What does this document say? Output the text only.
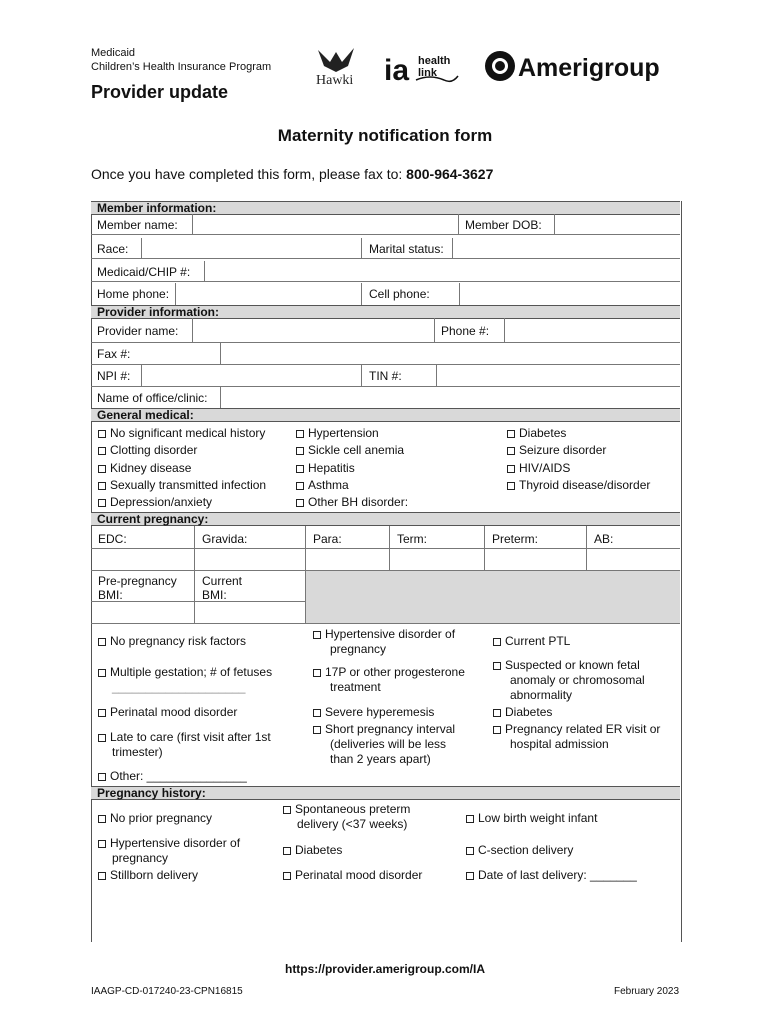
Medicaid
Children’s Health Insurance Program
Hawki ia health
link	Amerigroup
Provider update
Maternity notification form
Once you have completed this form, please fax to: 800-964-3627
Member information:
Member name:	Member DOB:
Race:	Marital status:
Medicaid/CHIP #:
Home phone:	Cell phone:
Provider information:
Provider name:	Phone #:
Fax #:
NPI #:	TIN #:
Name of office/clinic:
General medical:
No significant medical history
Clotting disorder
Kidney disease
Sexually transmitted infection
Depression/anxiety
Hypertension
Sickle cell anemia
Hepatitis
Asthma
Other BH disorder:
Diabetes
Seizure disorder
HIV/AIDS
Thyroid disease/disorder
Current pregnancy:
EDC:	Gravida:	Para:	Term:	Preterm:	AB:
Pre-pregnancy
BMI:
Current
BMI:
No pregnancy risk factors
Multiple gestation; # of fetuses
____________________
Perinatal mood disorder
Late to care (first visit after 1st
trimester)
Other: _______________
Hypertensive disorder of
pregnancy
17P or other progesterone
treatment
Severe hyperemesis
Short pregnancy interval
(deliveries will be less
than 2 years apart)
Current PTL
Suspected or known fetal
anomaly or chromosomal
abnormality
Diabetes
Pregnancy related ER visit or
hospital admission
Pregnancy history:
No prior pregnancy
Hypertensive disorder of
pregnancy
Stillborn delivery
Spontaneous preterm
delivery (<37 weeks)
Diabetes
Perinatal mood disorder
Low birth weight infant
C-section delivery
Date of last delivery: _______
https://provider.amerigroup.com/IA
IAAGP-CD-017240-23-CPN16815	February 2023
